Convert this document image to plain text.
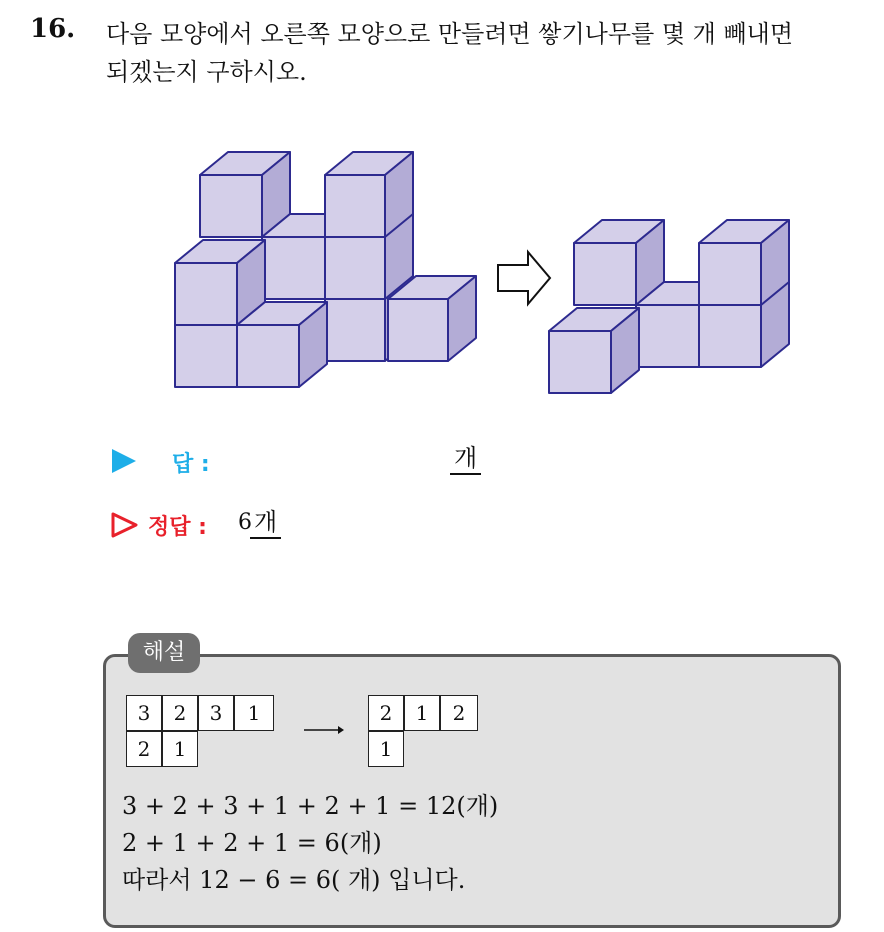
16. 다음 모양에서 오른쪽 모양으로 만들려면 쌓기나무를 몇 개 빼내면
되겠는지 구하시오.
답 :	개
정답 : 6 개
해설
3	2	3	1
2	1
2	1	2
1
3 + 2 + 3 + 1 + 2 + 1 = 12(개)
2 + 1 + 2 + 1 = 6(개)
따라서 12 − 6 = 6( 개) 입니다.
